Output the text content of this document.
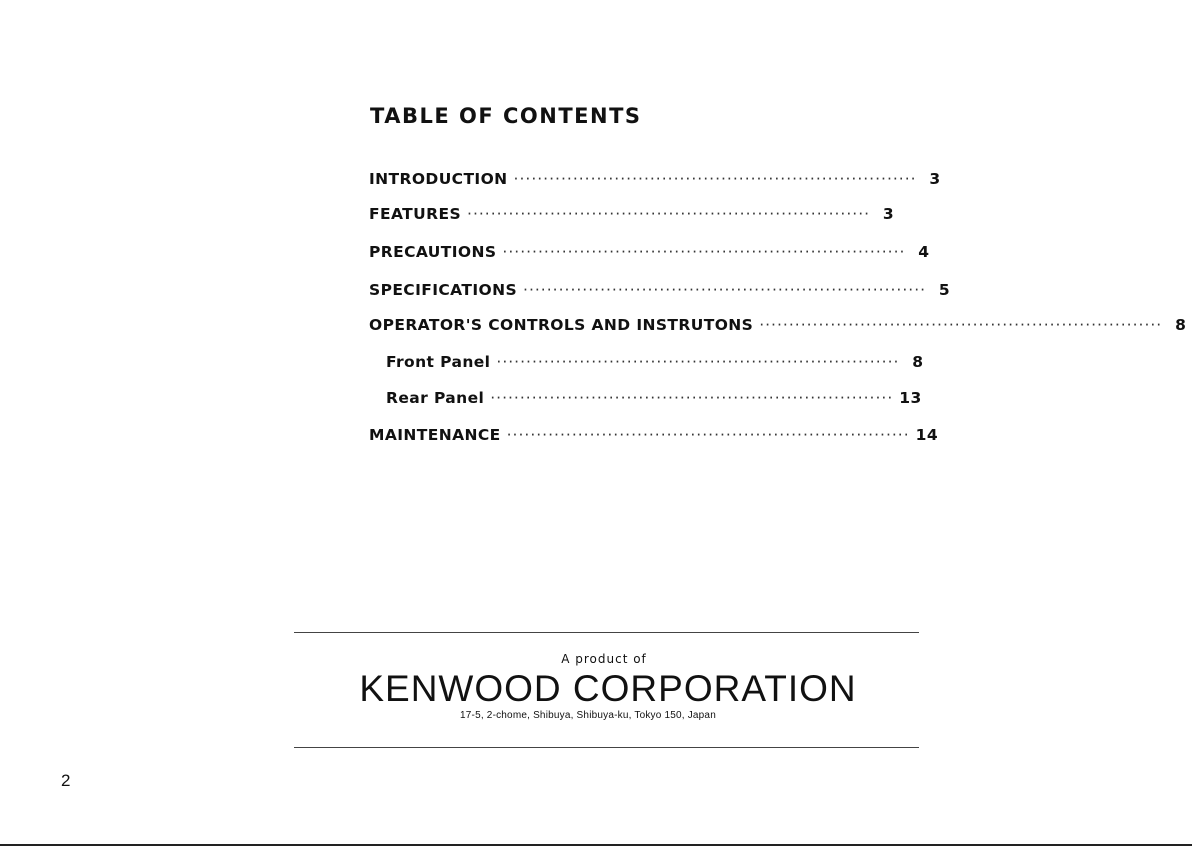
TABLE OF CONTENTS
INTRODUCTION ···································································· 3
FEATURES ···································································· 3
PRECAUTIONS ···································································· 4
SPECIFICATIONS ···································································· 5
OPERATOR'S CONTROLS AND INSTRUTONS ···································································· 8
Front Panel ···································································· 8
Rear Panel ···································································· 13
MAINTENANCE ···································································· 14
A product of
KENWOOD CORPORATION
17-5, 2-chome, Shibuya, Shibuya-ku, Tokyo 150, Japan
2
